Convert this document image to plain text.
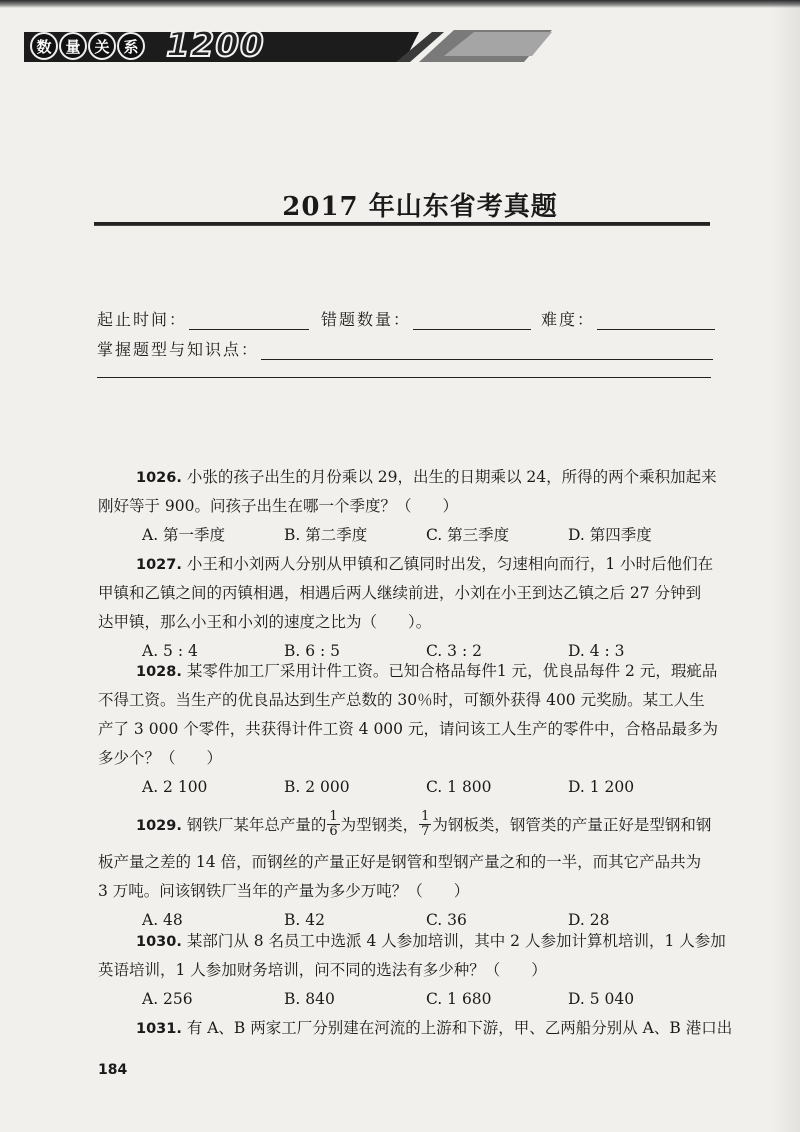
数 量 关 系 1200
2017 年山东省考真题
起止时间：	错题数量：	难度：
掌握题型与知识点：
1026. 小张的孩子出生的月份乘以 29，出生的日期乘以 24，所得的两个乘积加起来
刚好等于 900。问孩子出生在哪一个季度？（　　）
A. 第一季度	B. 第二季度	C. 第三季度	D. 第四季度
1027. 小王和小刘两人分别从甲镇和乙镇同时出发，匀速相向而行，1 小时后他们在
甲镇和乙镇之间的丙镇相遇，相遇后两人继续前进，小刘在小王到达乙镇之后 27 分钟到
达甲镇，那么小王和小刘的速度之比为（　　）。
A. 5 : 4	B. 6 : 5	C. 3 : 2	D. 4 : 3
1028. 某零件加工厂采用计件工资。已知合格品每件1 元，优良品每件 2 元，瑕疵品
不得工资。当生产的优良品达到生产总数的 30％时，可额外获得 400 元奖励。某工人生
产了 3 000 个零件，共获得计件工资 4 000 元，请问该工人生产的零件中，合格品最多为
多少个？（　　）
A. 2 100	B. 2 000	C. 1 800	D. 1 200
1029. 钢铁厂某年总产量的 $\frac{1}{6}$ 为型钢类， $\frac{1}{7}$ 为钢板类，钢管类的产量正好是型钢和钢
板产量之差的 14 倍，而钢丝的产量正好是钢管和型钢产量之和的一半，而其它产品共为
3 万吨。问该钢铁厂当年的产量为多少万吨？（　　）
A. 48	B. 42	C. 36	D. 28
1030. 某部门从 8 名员工中选派 4 人参加培训，其中 2 人参加计算机培训，1 人参加
英语培训，1 人参加财务培训，问不同的选法有多少种？（　　）
A. 256	B. 840	C. 1 680	D. 5 040
1031. 有 A、B 两家工厂分别建在河流的上游和下游，甲、乙两船分别从 A、B 港口出
184
